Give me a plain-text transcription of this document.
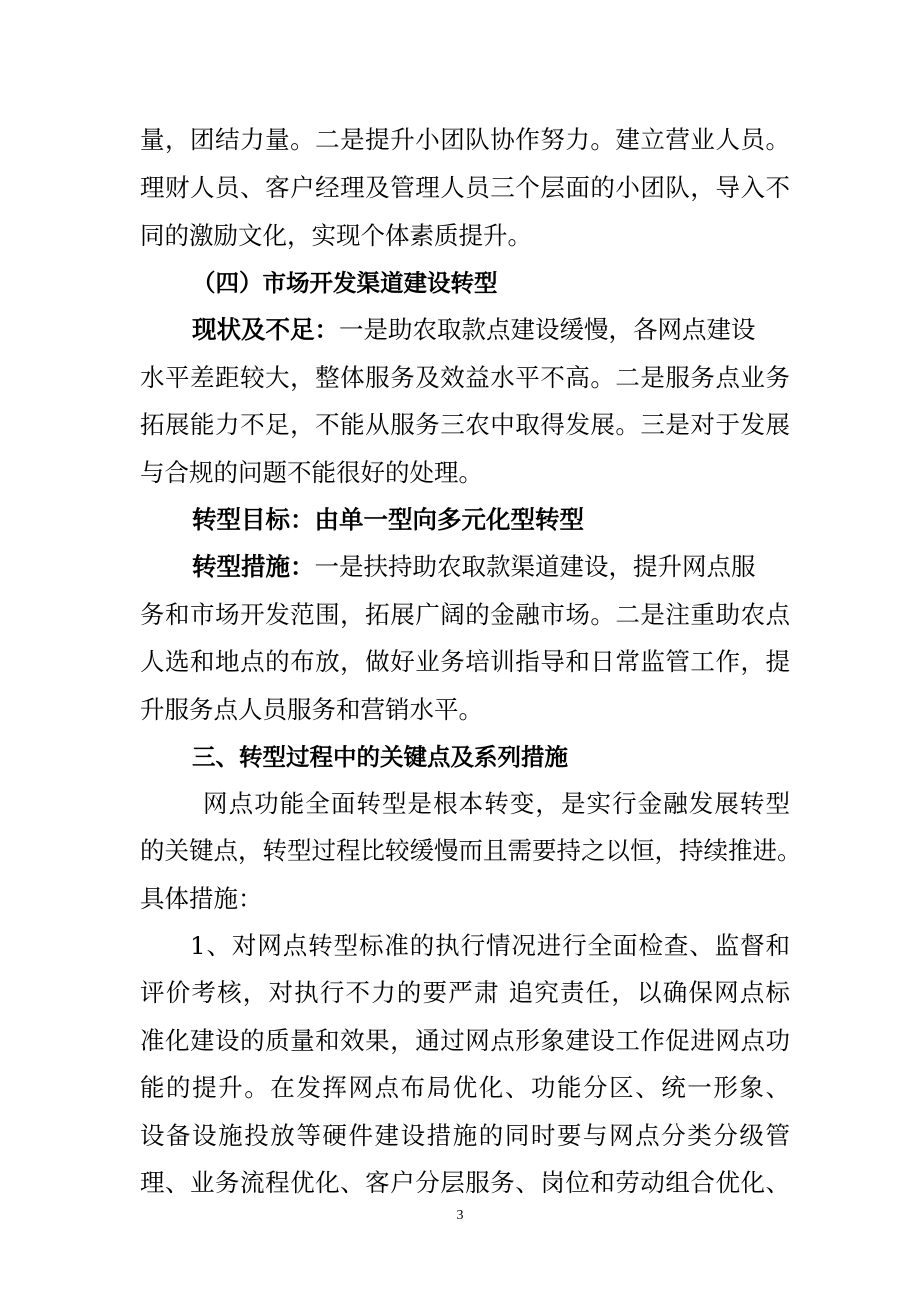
量，团结力量。二是提升小团队协作努力。建立营业人员。
理财人员、客户经理及管理人员三个层面的小团队，导入不
同的激励文化，实现个体素质提升。
（四）市场开发渠道建设转型
现状及不足：一是助农取款点建设缓慢，各网点建设
水平差距较大，整体服务及效益水平不高。二是服务点业务
拓展能力不足，不能从服务三农中取得发展。三是对于发展
与合规的问题不能很好的处理。
转型目标：由单一型向多元化型转型
转型措施：一是扶持助农取款渠道建设，提升网点服
务和市场开发范围，拓展广阔的金融市场。二是注重助农点
人选和地点的布放，做好业务培训指导和日常监管工作，提
升服务点人员服务和营销水平。
三、转型过程中的关键点及系列措施
网点功能全面转型是根本转变，是实行金融发展转型
的关键点，转型过程比较缓慢而且需要持之以恒，持续推进。
具体措施：
1、对网点转型标准的执行情况进行全面检查、监督和
评价考核，对执行不力的要严肃 追究责任，以确保网点标
准化建设的质量和效果，通过网点形象建设工作促进网点功
能的提升。在发挥网点布局优化、功能分区、统一形象、
设备设施投放等硬件建设措施的同时要与网点分类分级管
理、业务流程优化、客户分层服务、岗位和劳动组合优化、
3
